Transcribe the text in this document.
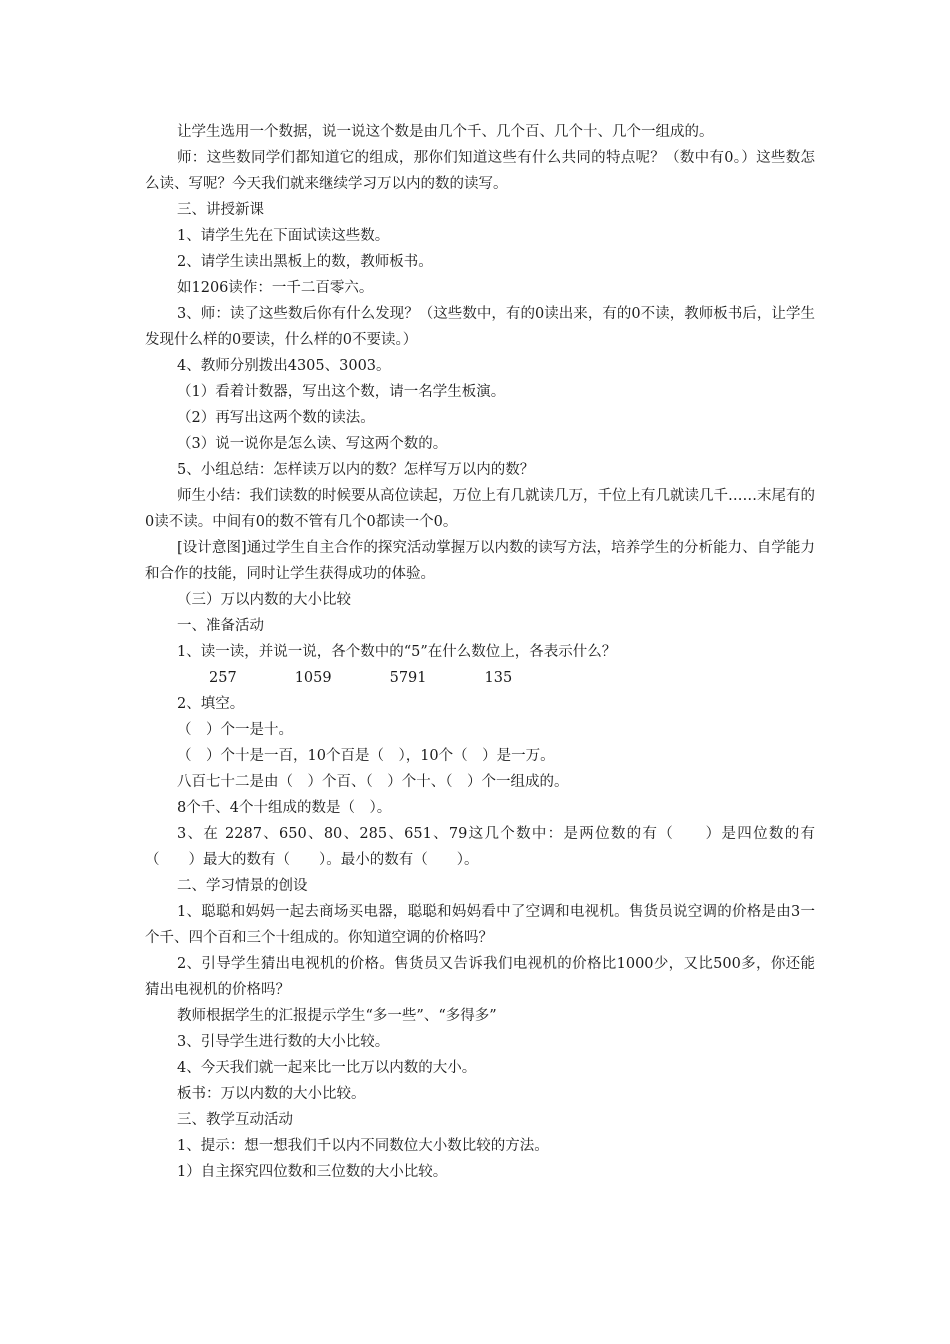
让学生选用一个数据，说一说这个数是由几个千、几个百、几个十、几个一组成的。

师：这些数同学们都知道它的组成，那你们知道这些有什么共同的特点呢？（数中有0。）这些数怎么读、写呢？今天我们就来继续学习万以内的数的读写。

三、讲授新课

1、请学生先在下面试读这些数。

2、请学生读出黑板上的数，教师板书。

如1206读作：一千二百零六。

3、师：读了这些数后你有什么发现？（这些数中，有的0读出来，有的0不读，教师板书后，让学生发现什么样的0要读，什么样的0不要读。）

4、教师分别拨出4305、3003。

（1）看着计数器，写出这个数，请一名学生板演。

（2）再写出这两个数的读法。

（3）说一说你是怎么读、写这两个数的。

5、小组总结：怎样读万以内的数？怎样写万以内的数？

师生小结：我们读数的时候要从高位读起，万位上有几就读几万，千位上有几就读几千……末尾有的0读不读。中间有0的数不管有几个0都读一个0。

[设计意图]通过学生自主合作的探究活动掌握万以内数的读写方法，培养学生的分析能力、自学能力和合作的技能，同时让学生获得成功的体验。

（三）万以内数的大小比较

一、准备活动

1、读一读，并说一说，各个数中的“5”在什么数位上，各表示什么？

257	1059	5791	135

2、填空。

（　）个一是十。

（　）个十是一百，10个百是（　），10个（　）是一万。

八百七十二是由（　）个百、（　）个十、（　）个一组成的。

8个千、4个十组成的数是（　）。

3、在 2287、650、80、285、651、79这几个数中：是两位数的有（　　）是四位数的有（　　）最大的数有（　　）。最小的数有（　　）。

二、学习情景的创设

1、聪聪和妈妈一起去商场买电器，聪聪和妈妈看中了空调和电视机。售货员说空调的价格是由3一个千、四个百和三个十组成的。你知道空调的价格吗？

2、引导学生猜出电视机的价格。售货员又告诉我们电视机的价格比1000少，又比500多，你还能猜出电视机的价格吗？

教师根据学生的汇报提示学生“多一些”、“多得多”

3、引导学生进行数的大小比较。

4、今天我们就一起来比一比万以内数的大小。

板书：万以内数的大小比较。

三、教学互动活动

1、提示：想一想我们千以内不同数位大小数比较的方法。

1）自主探究四位数和三位数的大小比较。
